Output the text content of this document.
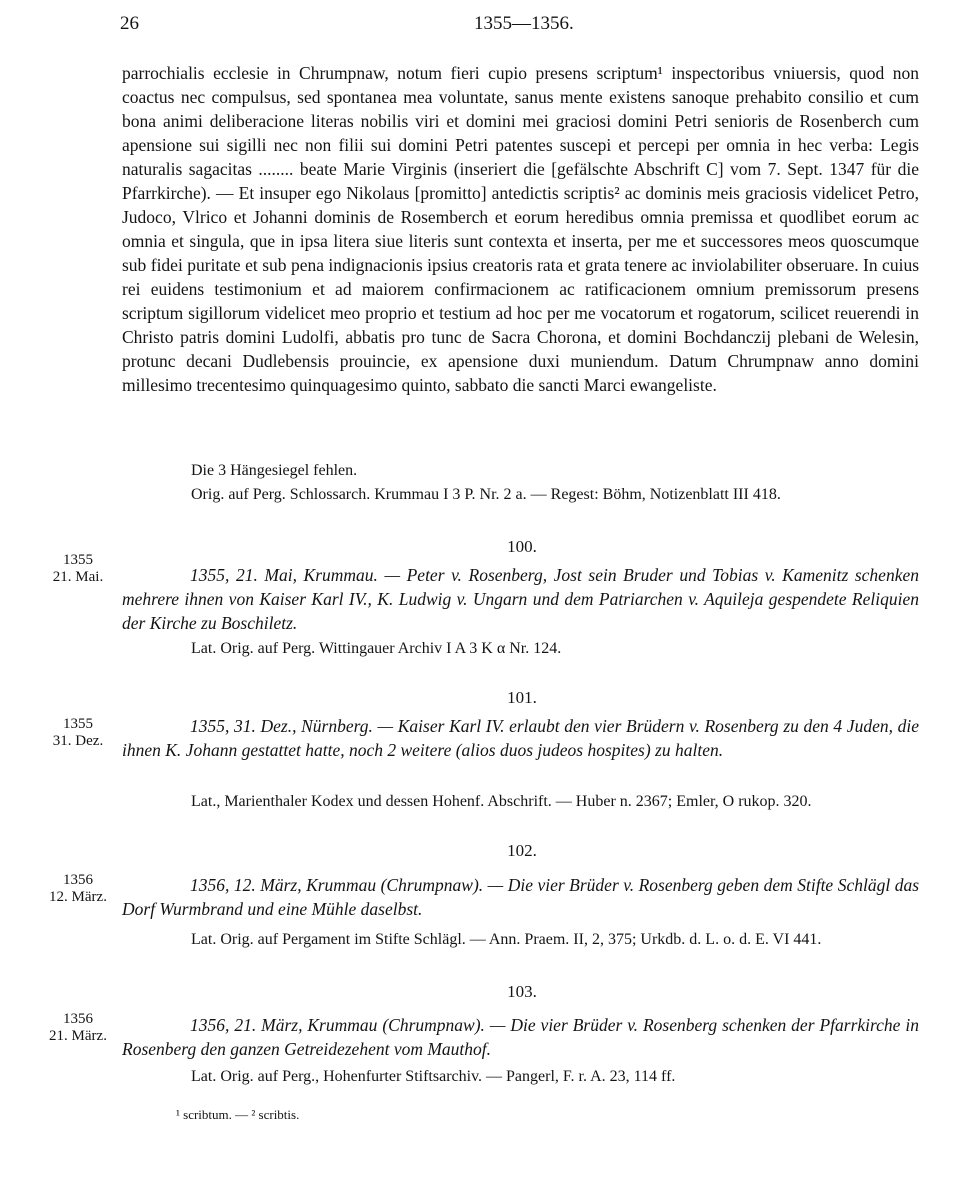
26	1355—1356.

parrochialis ecclesie in Chrumpnaw, notum fieri cupio presens scriptum¹ inspectoribus vniuersis, quod non coactus nec compulsus, sed spontanea mea voluntate, sanus mente existens sanoque prehabito consilio et cum bona animi deliberacione literas nobilis viri et domini mei graciosi domini Petri senioris de Rosenberch cum apensione sui sigilli nec non filii sui domini Petri patentes suscepi et percepi per omnia in hec verba: Legis naturalis sagacitas ........ beate Marie Virginis (inseriert die [gefälschte Abschrift C] vom 7. Sept. 1347 für die Pfarrkirche). — Et insuper ego Nikolaus [promitto] antedictis scriptis² ac dominis meis graciosis videlicet Petro, Judoco, Vlrico et Johanni dominis de Rosemberch et eorum heredibus omnia premissa et quodlibet eorum ac omnia et singula, que in ipsa litera siue literis sunt contexta et inserta, per me et successores meos quoscumque sub fidei puritate et sub pena indignacionis ipsius creatoris rata et grata tenere ac inviolabiliter obseruare. In cuius rei euidens testimonium et ad maiorem confirmacionem ac ratificacionem omnium premissorum presens scriptum sigillorum videlicet meo proprio et testium ad hoc per me vocatorum et rogatorum, scilicet reuerendi in Christo patris domini Ludolfi, abbatis pro tunc de Sacra Chorona, et domini Bochdanczij plebani de Welesin, protunc decani Dudlebensis prouincie, ex apensione duxi muniendum. Datum Chrumpnaw anno domini millesimo trecentesimo quinquagesimo quinto, sabbato die sancti Marci ewangeliste.

Die 3 Hängesiegel fehlen.
Orig. auf Perg. Schlossarch. Krummau I 3 P. Nr. 2 a. — Regest: Böhm, Notizenblatt III 418.
100.
1355
21. Mai.	1355, 21. Mai, Krummau. — Peter v. Rosenberg, Jost sein Bruder und Tobias v. Kamenitz schenken mehrere ihnen von Kaiser Karl IV., K. Ludwig v. Ungarn und dem Patriarchen v. Aquileja gespendete Reliquien der Kirche zu Boschiletz.
Lat. Orig. auf Perg. Wittingauer Archiv I A 3 K α Nr. 124.
101.
1355
31. Dez.
1355, 31. Dez., Nürnberg. — Kaiser Karl IV. erlaubt den vier Brüdern v. Rosenberg zu den 4 Juden, die ihnen K. Johann gestattet hatte, noch 2 weitere (alios duos judeos hospites) zu halten.
Lat., Marienthaler Kodex und dessen Hohenf. Abschrift. — Huber n. 2367; Emler, O rukop. 320.
102.
1356
12. März.
1356, 12. März, Krummau (Chrumpnaw). — Die vier Brüder v. Rosenberg geben dem Stifte Schlägl das Dorf Wurmbrand und eine Mühle daselbst.
Lat. Orig. auf Pergament im Stifte Schlägl. — Ann. Praem. II, 2, 375; Urkdb. d. L. o. d. E. VI 441.
103.
1356
21. März.
1356, 21. März, Krummau (Chrumpnaw). — Die vier Brüder v. Rosenberg schenken der Pfarrkirche in Rosenberg den ganzen Getreidezehent vom Mauthof.
Lat. Orig. auf Perg., Hohenfurter Stiftsarchiv. — Pangerl, F. r. A. 23, 114 ff.
¹ scribtum. — ² scribtis.
